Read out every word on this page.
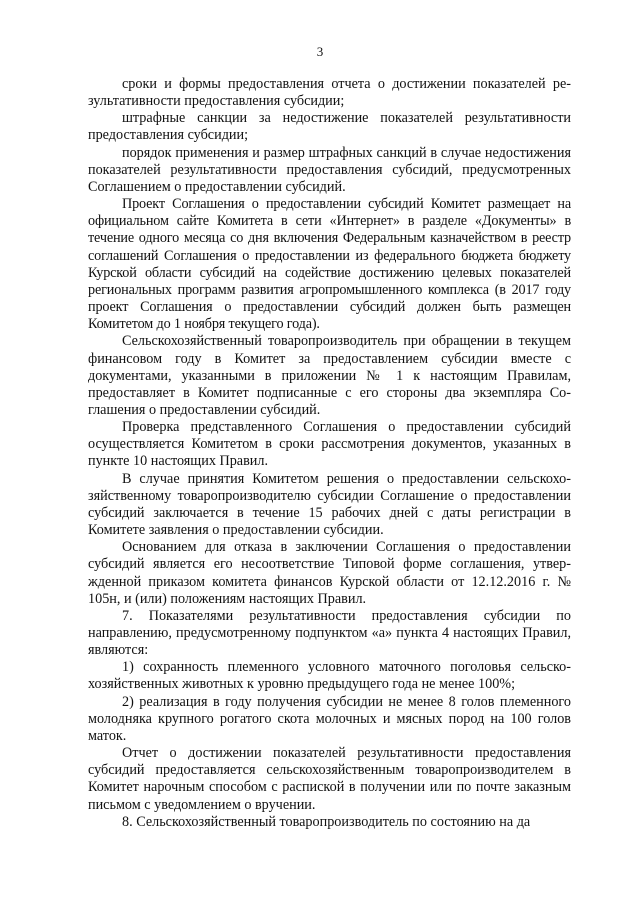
3

сроки и формы предоставления отчета о достижении показателей результативности предоставления субсидии;

штрафные санкции за недостижение показателей результативности предоставления субсидии;

порядок применения и размер штрафных санкций в случае недостижения показателей результативности предоставления субсидий, предусмотренных Соглашением о предоставлении субсидий.

Проект Соглашения о предоставлении субсидий Комитет размещает на официальном сайте Комитета в сети «Интернет» в разделе «Документы» в течение одного месяца со дня включения Федеральным казначейством в реестр соглашений Соглашения о предоставлении из федерального бюджета бюджету Курской области субсидий на содействие достижению целевых показателей региональных программ развития агропромышленного комплекса (в 2017 году проект Соглашения о предоставлении субсидий должен быть размещен Комитетом до 1 ноября текущего года).

Сельскохозяйственный товаропроизводитель при обращении в текущем финансовом году в Комитет за предоставлением субсидии вместе с документами, указанными в приложении № 1 к настоящим Правилам, предоставляет в Комитет подписанные с его стороны два экземпляра Соглашения о предоставлении субсидий.

Проверка представленного Соглашения о предоставлении субсидий осуществляется Комитетом в сроки рассмотрения документов, указанных в пункте 10 настоящих Правил.

В случае принятия Комитетом решения о предоставлении сельскохозяйственному товаропроизводителю субсидии Соглашение о предоставлении субсидий заключается в течение 15 рабочих дней с даты регистрации в Комитете заявления о предоставлении субсидии.

Основанием для отказа в заключении Соглашения о предоставлении субсидий является его несоответствие Типовой форме соглашения, утвержденной приказом комитета финансов Курской области от 12.12.2016 г. № 105н, и (или) положениям настоящих Правил.

7. Показателями результативности предоставления субсидии по направлению, предусмотренному подпунктом «а» пункта 4 настоящих Правил, являются:

1) сохранность племенного условного маточного поголовья сельскохозяйственных животных к уровню предыдущего года не менее 100%;

2) реализация в году получения субсидии не менее 8 голов племенного молодняка крупного рогатого скота молочных и мясных пород на 100 голов маток.

Отчет о достижении показателей результативности предоставления субсидий предоставляется сельскохозяйственным товаропроизводителем в Комитет нарочным способом с распиской в получении или по почте заказным письмом с уведомлением о вручении.

8. Сельскохозяйственный товаропроизводитель по состоянию на да
